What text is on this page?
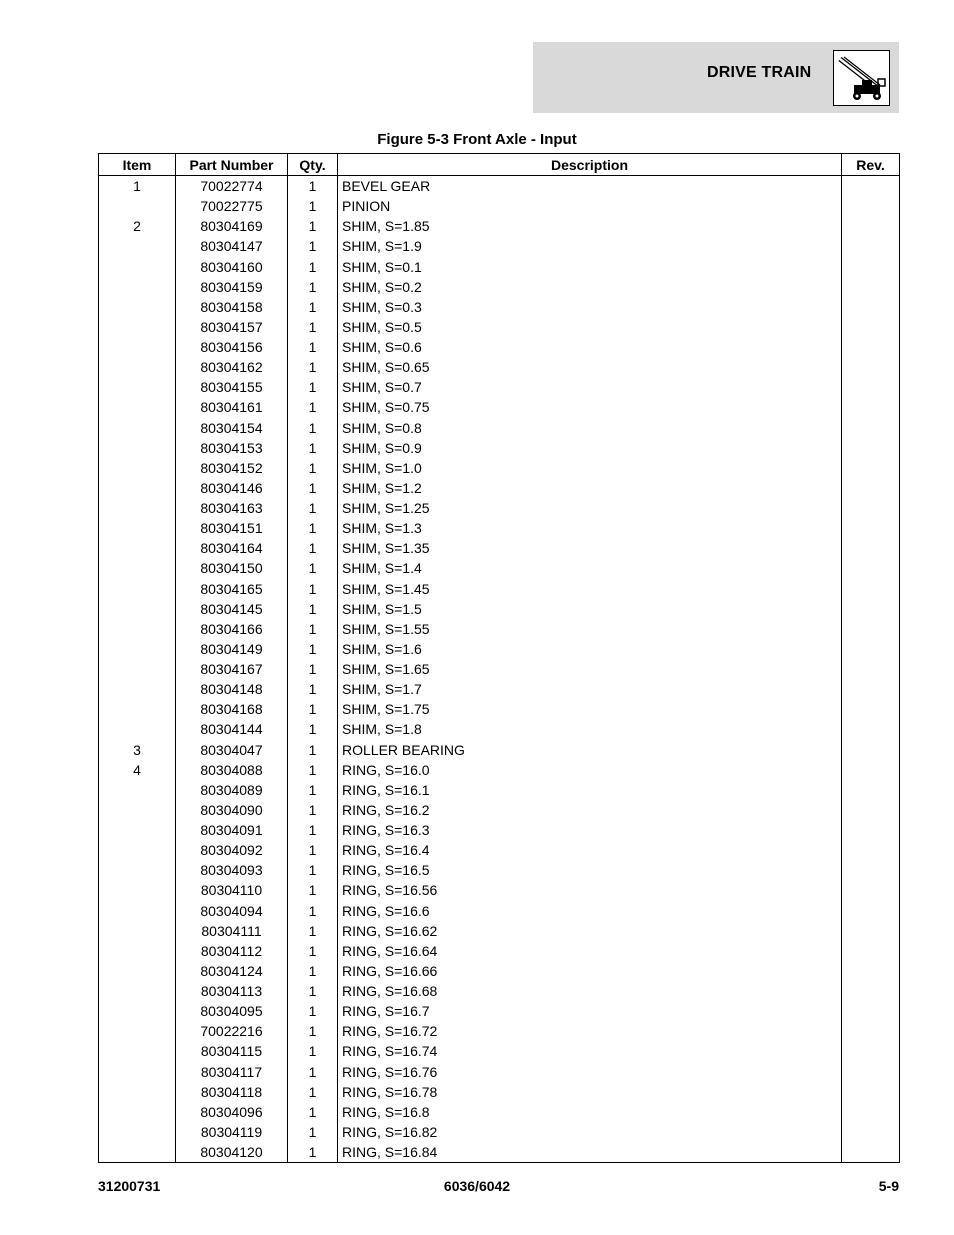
DRIVE TRAIN
Figure 5-3 Front Axle - Input
Item	Part Number	Qty.	Description	Rev.
1	70022774	1	BEVEL GEAR	
	70022775	1	PINION	
2	80304169	1	SHIM, S=1.85	
	80304147	1	SHIM, S=1.9	
	80304160	1	SHIM, S=0.1	
	80304159	1	SHIM, S=0.2	
	80304158	1	SHIM, S=0.3	
	80304157	1	SHIM, S=0.5	
	80304156	1	SHIM, S=0.6	
	80304162	1	SHIM, S=0.65	
	80304155	1	SHIM, S=0.7	
	80304161	1	SHIM, S=0.75	
	80304154	1	SHIM, S=0.8	
	80304153	1	SHIM, S=0.9	
	80304152	1	SHIM, S=1.0	
	80304146	1	SHIM, S=1.2	
	80304163	1	SHIM, S=1.25	
	80304151	1	SHIM, S=1.3	
	80304164	1	SHIM, S=1.35	
	80304150	1	SHIM, S=1.4	
	80304165	1	SHIM, S=1.45	
	80304145	1	SHIM, S=1.5	
	80304166	1	SHIM, S=1.55	
	80304149	1	SHIM, S=1.6	
	80304167	1	SHIM, S=1.65	
	80304148	1	SHIM, S=1.7	
	80304168	1	SHIM, S=1.75	
	80304144	1	SHIM, S=1.8	
3	80304047	1	ROLLER BEARING	
4	80304088	1	RING, S=16.0	
	80304089	1	RING, S=16.1	
	80304090	1	RING, S=16.2	
	80304091	1	RING, S=16.3	
	80304092	1	RING, S=16.4	
	80304093	1	RING, S=16.5	
	80304110	1	RING, S=16.56	
	80304094	1	RING, S=16.6	
	80304111	1	RING, S=16.62	
	80304112	1	RING, S=16.64	
	80304124	1	RING, S=16.66	
	80304113	1	RING, S=16.68	
	80304095	1	RING, S=16.7	
	70022216	1	RING, S=16.72	
	80304115	1	RING, S=16.74	
	80304117	1	RING, S=16.76	
	80304118	1	RING, S=16.78	
	80304096	1	RING, S=16.8	
	80304119	1	RING, S=16.82	
	80304120	1	RING, S=16.84	
31200731	6036/6042	5-9
